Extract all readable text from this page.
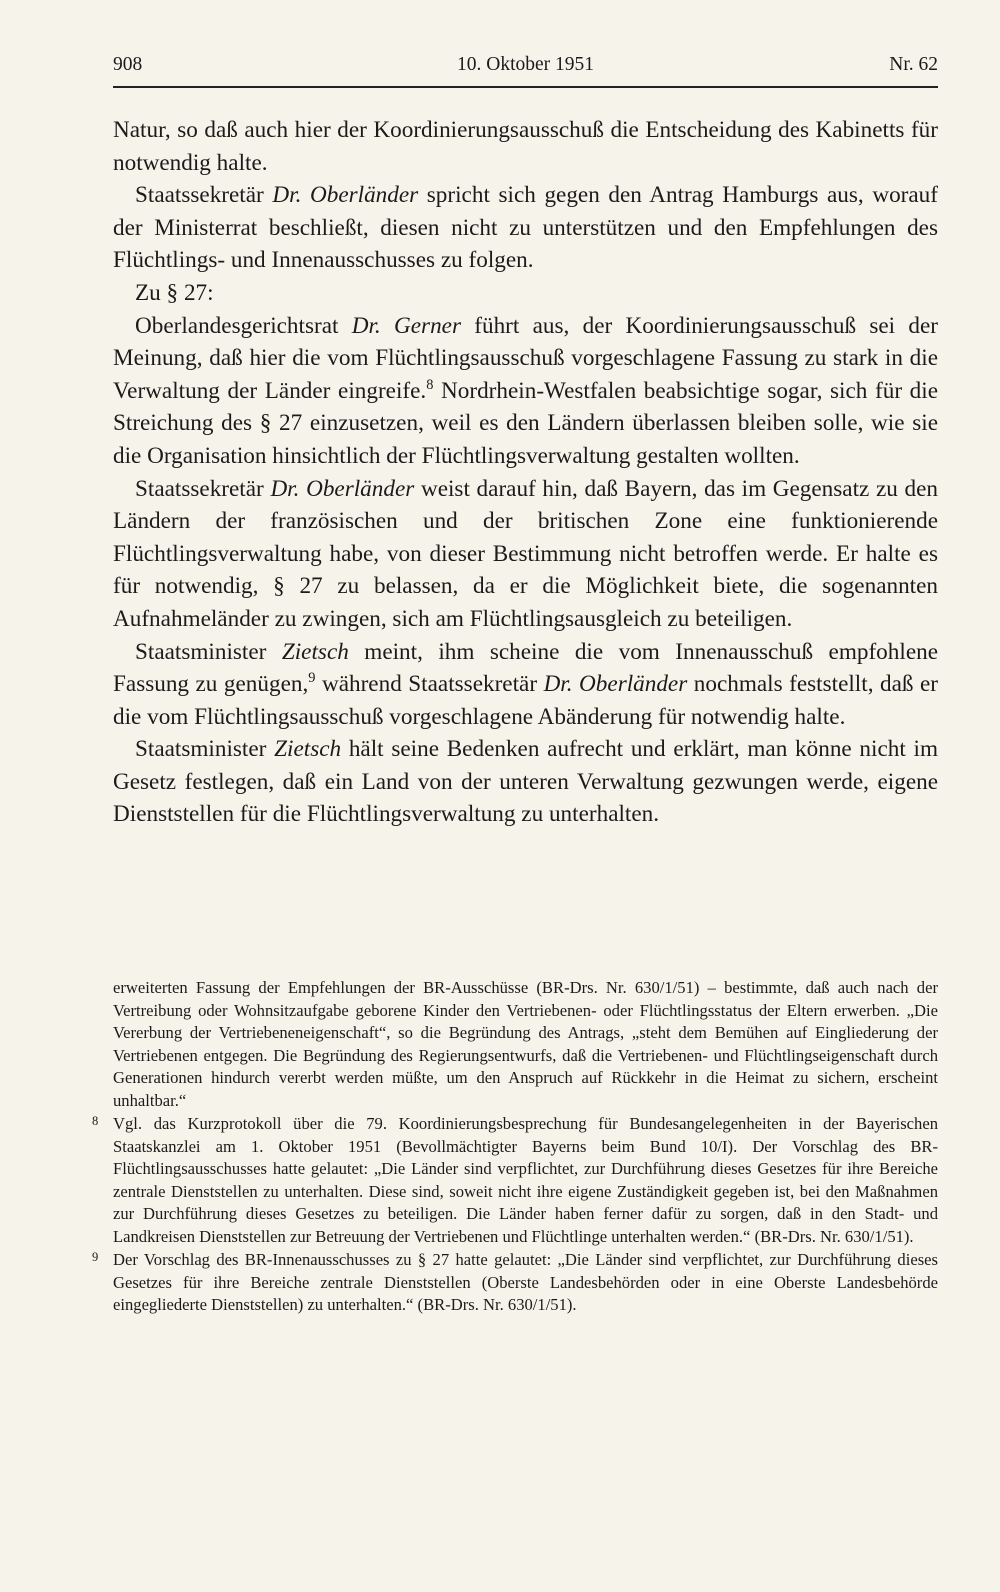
908	10. Oktober 1951	Nr. 62

Natur, so daß auch hier der Koordinierungsausschuß die Entscheidung des Kabinetts für notwendig halte.

Staatssekretär Dr. Oberländer spricht sich gegen den Antrag Hamburgs aus, worauf der Ministerrat beschließt, diesen nicht zu unterstützen und den Empfehlungen des Flüchtlings- und Innenausschusses zu folgen.

Zu § 27:

Oberlandesgerichtsrat Dr. Gerner führt aus, der Koordinierungsausschuß sei der Meinung, daß hier die vom Flüchtlingsausschuß vorgeschlagene Fassung zu stark in die Verwaltung der Länder eingreife.$^8$ Nordrhein-Westfalen beabsichtige sogar, sich für die Streichung des § 27 einzusetzen, weil es den Ländern überlassen bleiben solle, wie sie die Organisation hinsichtlich der Flüchtlingsverwaltung gestalten wollten.

Staatssekretär Dr. Oberländer weist darauf hin, daß Bayern, das im Gegensatz zu den Ländern der französischen und der britischen Zone eine funktionierende Flüchtlingsverwaltung habe, von dieser Bestimmung nicht betroffen werde. Er halte es für notwendig, § 27 zu belassen, da er die Möglichkeit biete, die sogenannten Aufnahmeländer zu zwingen, sich am Flüchtlingsausgleich zu beteiligen.

Staatsminister Zietsch meint, ihm scheine die vom Innenausschuß empfohlene Fassung zu genügen,$^9$ während Staatssekretär Dr. Oberländer nochmals feststellt, daß er die vom Flüchtlingsausschuß vorgeschlagene Abänderung für notwendig halte.

Staatsminister Zietsch hält seine Bedenken aufrecht und erklärt, man könne nicht im Gesetz festlegen, daß ein Land von der unteren Verwaltung gezwungen werde, eigene Dienststellen für die Flüchtlingsverwaltung zu unterhalten.

erweiterten Fassung der Empfehlungen der BR-Ausschüsse (BR-Drs. Nr. 630/1/51) – bestimmte, daß auch nach der Vertreibung oder Wohnsitzaufgabe geborene Kinder den Vertriebenen- oder Flüchtlingsstatus der Eltern erwerben. „Die Vererbung der Vertriebeneneigenschaft“, so die Begründung des Antrags, „steht dem Bemühen auf Eingliederung der Vertriebenen entgegen. Die Begründung des Regierungsentwurfs, daß die Vertriebenen- und Flüchtlingseigenschaft durch Generationen hindurch vererbt werden müßte, um den Anspruch auf Rückkehr in die Heimat zu sichern, erscheint unhaltbar.“

8 Vgl. das Kurzprotokoll über die 79. Koordinierungsbesprechung für Bundesangelegenheiten in der Bayerischen Staatskanzlei am 1. Oktober 1951 (Bevollmächtigter Bayerns beim Bund 10/I). Der Vorschlag des BR-Flüchtlingsausschusses hatte gelautet: „Die Länder sind verpflichtet, zur Durchführung dieses Gesetzes für ihre Bereiche zentrale Dienststellen zu unterhalten. Diese sind, soweit nicht ihre eigene Zuständigkeit gegeben ist, bei den Maßnahmen zur Durchführung dieses Gesetzes zu beteiligen. Die Länder haben ferner dafür zu sorgen, daß in den Stadt- und Landkreisen Dienststellen zur Betreuung der Vertriebenen und Flüchtlinge unterhalten werden.“ (BR-Drs. Nr. 630/1/51).

9 Der Vorschlag des BR-Innenausschusses zu § 27 hatte gelautet: „Die Länder sind verpflichtet, zur Durchführung dieses Gesetzes für ihre Bereiche zentrale Dienststellen (Oberste Landesbehörden oder in eine Oberste Landesbehörde eingegliederte Dienststellen) zu unterhalten.“ (BR-Drs. Nr. 630/1/51).
